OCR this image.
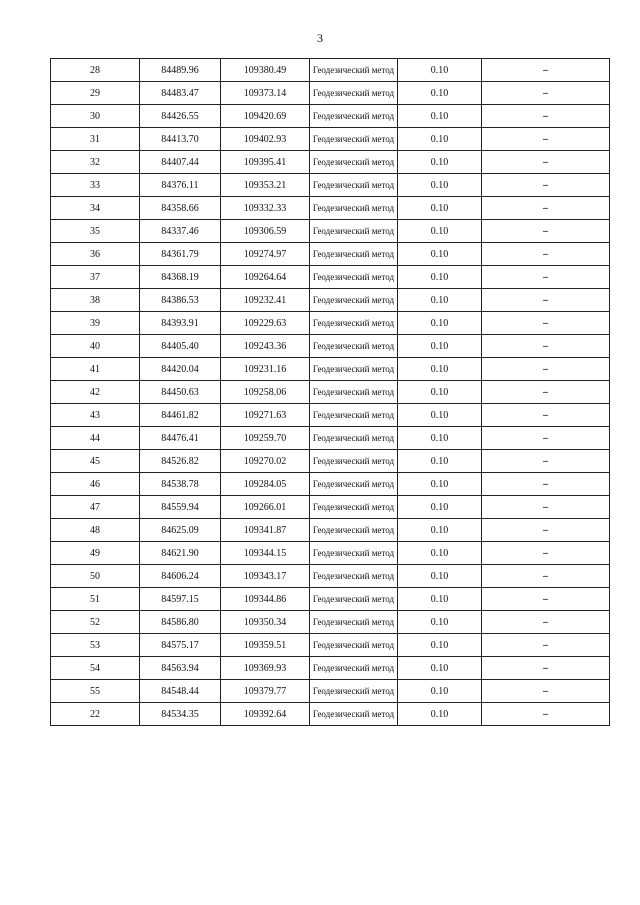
3
28	84489.96	109380.49	Геодезический метод	0.10	–
29	84483.47	109373.14	Геодезический метод	0.10	–
30	84426.55	109420.69	Геодезический метод	0.10	–
31	84413.70	109402.93	Геодезический метод	0.10	–
32	84407.44	109395.41	Геодезический метод	0.10	–
33	84376.11	109353.21	Геодезический метод	0.10	–
34	84358.66	109332.33	Геодезический метод	0.10	–
35	84337.46	109306.59	Геодезический метод	0.10	–
36	84361.79	109274.97	Геодезический метод	0.10	–
37	84368.19	109264.64	Геодезический метод	0.10	–
38	84386.53	109232.41	Геодезический метод	0.10	–
39	84393.91	109229.63	Геодезический метод	0.10	–
40	84405.40	109243.36	Геодезический метод	0.10	–
41	84420.04	109231.16	Геодезический метод	0.10	–
42	84450.63	109258.06	Геодезический метод	0.10	–
43	84461.82	109271.63	Геодезический метод	0.10	–
44	84476.41	109259.70	Геодезический метод	0.10	–
45	84526.82	109270.02	Геодезический метод	0.10	–
46	84538.78	109284.05	Геодезический метод	0.10	–
47	84559.94	109266.01	Геодезический метод	0.10	–
48	84625.09	109341.87	Геодезический метод	0.10	–
49	84621.90	109344.15	Геодезический метод	0.10	–
50	84606.24	109343.17	Геодезический метод	0.10	–
51	84597.15	109344.86	Геодезический метод	0.10	–
52	84586.80	109350.34	Геодезический метод	0.10	–
53	84575.17	109359.51	Геодезический метод	0.10	–
54	84563.94	109369.93	Геодезический метод	0.10	–
55	84548.44	109379.77	Геодезический метод	0.10	–
22	84534.35	109392.64	Геодезический метод	0.10	–
